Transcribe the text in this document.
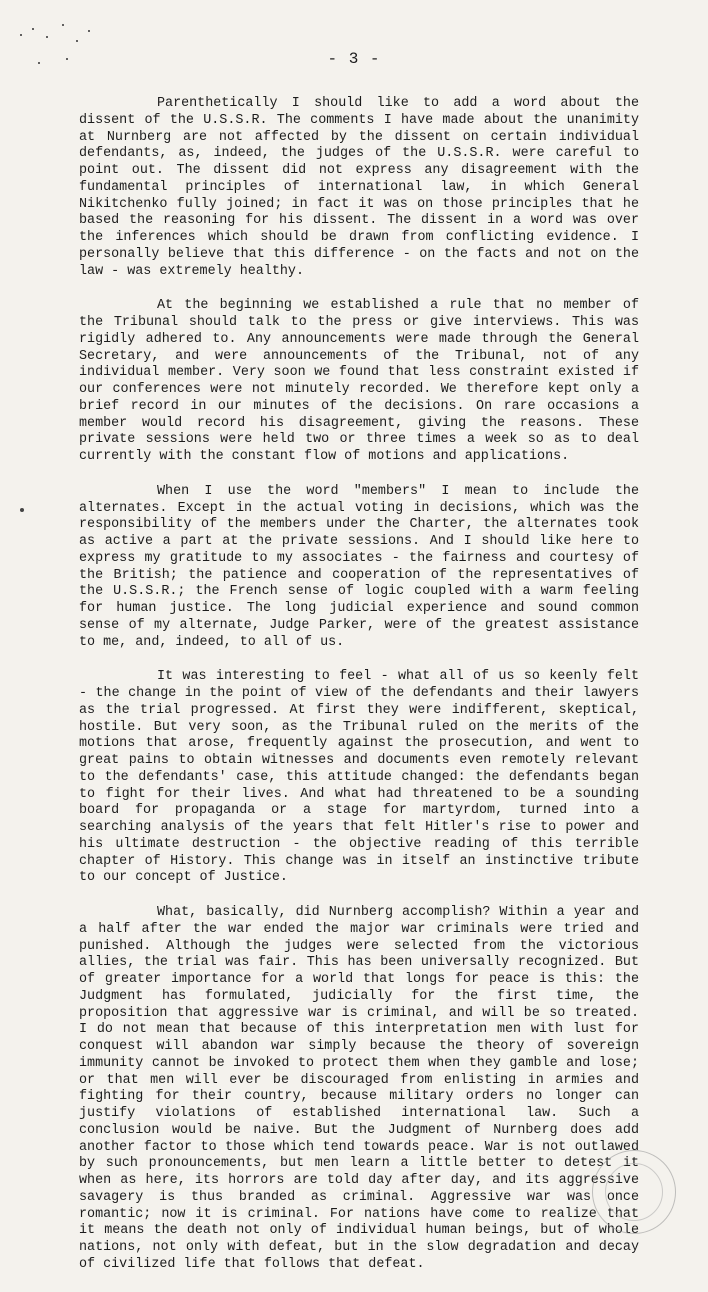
- 3 -

Parenthetically I should like to add a word about the dissent of the U.S.S.R. The comments I have made about the unanimity at Nurnberg are not affected by the dissent on certain individual defendants, as, indeed, the judges of the U.S.S.R. were careful to point out. The dissent did not express any disagreement with the fundamental principles of international law, in which General Nikitchenko fully joined; in fact it was on those principles that he based the reasoning for his dissent. The dissent in a word was over the inferences which should be drawn from conflicting evidence. I personally believe that this difference - on the facts and not on the law - was extremely healthy.

At the beginning we established a rule that no member of the Tribunal should talk to the press or give interviews. This was rigidly adhered to. Any announcements were made through the General Secretary, and were announcements of the Tribunal, not of any individual member. Very soon we found that less constraint existed if our conferences were not minutely recorded. We therefore kept only a brief record in our minutes of the decisions. On rare occasions a member would record his disagreement, giving the reasons. These private sessions were held two or three times a week so as to deal currently with the constant flow of motions and applications.

When I use the word "members" I mean to include the alternates. Except in the actual voting in decisions, which was the responsibility of the members under the Charter, the alternates took as active a part at the private sessions. And I should like here to express my gratitude to my associates - the fairness and courtesy of the British; the patience and cooperation of the representatives of the U.S.S.R.; the French sense of logic coupled with a warm feeling for human justice. The long judicial experience and sound common sense of my alternate, Judge Parker, were of the greatest assistance to me, and, indeed, to all of us.

It was interesting to feel - what all of us so keenly felt - the change in the point of view of the defendants and their lawyers as the trial progressed. At first they were indifferent, skeptical, hostile. But very soon, as the Tribunal ruled on the merits of the motions that arose, frequently against the prosecution, and went to great pains to obtain witnesses and documents even remotely relevant to the defendants' case, this attitude changed: the defendants began to fight for their lives. And what had threatened to be a sounding board for propaganda or a stage for martyrdom, turned into a searching analysis of the years that felt Hitler's rise to power and his ultimate destruction - the objective reading of this terrible chapter of History. This change was in itself an instinctive tribute to our concept of Justice.

What, basically, did Nurnberg accomplish? Within a year and a half after the war ended the major war criminals were tried and punished. Although the judges were selected from the victorious allies, the trial was fair. This has been universally recognized. But of greater importance for a world that longs for peace is this: the Judgment has formulated, judicially for the first time, the proposition that aggressive war is criminal, and will be so treated. I do not mean that because of this interpretation men with lust for conquest will abandon war simply because the theory of sovereign immunity cannot be invoked to protect them when they gamble and lose; or that men will ever be discouraged from enlisting in armies and fighting for their country, because military orders no longer can justify violations of established international law. Such a conclusion would be naive. But the Judgment of Nurnberg does add another factor to those which tend towards peace. War is not outlawed by such pronouncements, but men learn a little better to detest it when as here, its horrors are told day after day, and its aggressive savagery is thus branded as criminal. Aggressive war was once romantic; now it is criminal. For nations have come to realize that it means the death not only of individual human beings, but of whole nations, not only with defeat, but in the slow degradation and decay of civilized life that follows that defeat.
